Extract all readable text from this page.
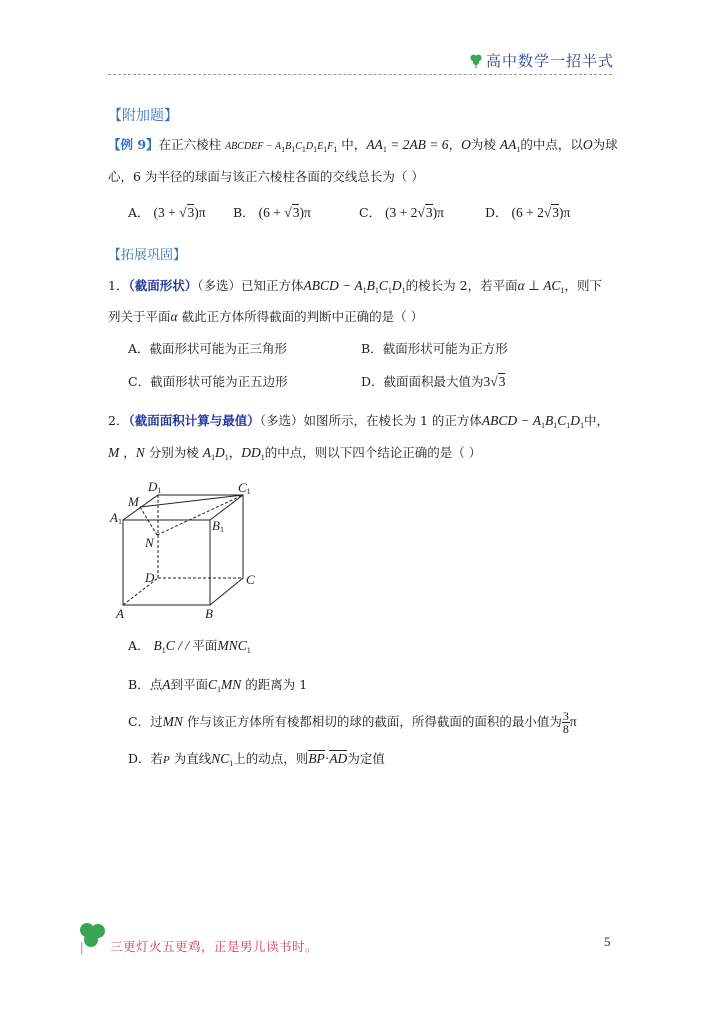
高中数学一招半式
【附加题】
【例 9】在正六棱柱 ABCDEF − $A_1B_1C_1D_1E_1F_1$ 中，$AA_1 = 2AB = 6$，O为棱 $AA_1$的中点，以O为球
心，6 为半径的球面与该正六棱柱各面的交线总长为（ ）
A． (3 + √3)π B． (6 + √3)π	C． (3 + 2√3)π	D． (6 + 2√3)π
【拓展巩固】
1．（截面形状）（多选）已知正方体ABCD − $A_1B_1C_1D_1$的棱长为 2，若平面α ⊥ $AC_1$，则下
列关于平面α 截此正方体所得截面的判断中正确的是（ ）
A．截面形状可能为正三角形	B．截面形状可能为正方形
C．截面形状可能为正五边形	D．截面面积最大值为3√3
2．（截面面积计算与最值）（多选）如图所示，在棱长为 1 的正方体ABCD − $A_1B_1C_1D_1$中，
M ，N 分别为棱 $A_1D_1$，$DD_1$的中点，则以下四个结论正确的是（ ）
A	B
C
D
A1	B1
C1
D1
M
N
A． $B_1C$ / / 平面$MNC_1$
B．点A到平面$C_1MN$ 的距离为 1
C．过MN 作与该正方体所有棱都相切的球的截面，所得截面的面积的最小值为 $\frac{3}{8}$ π
D．若P 为直线$NC_1$上的动点，则BP·AD为定值
三更灯火五更鸡，正是男儿读书时。	5
